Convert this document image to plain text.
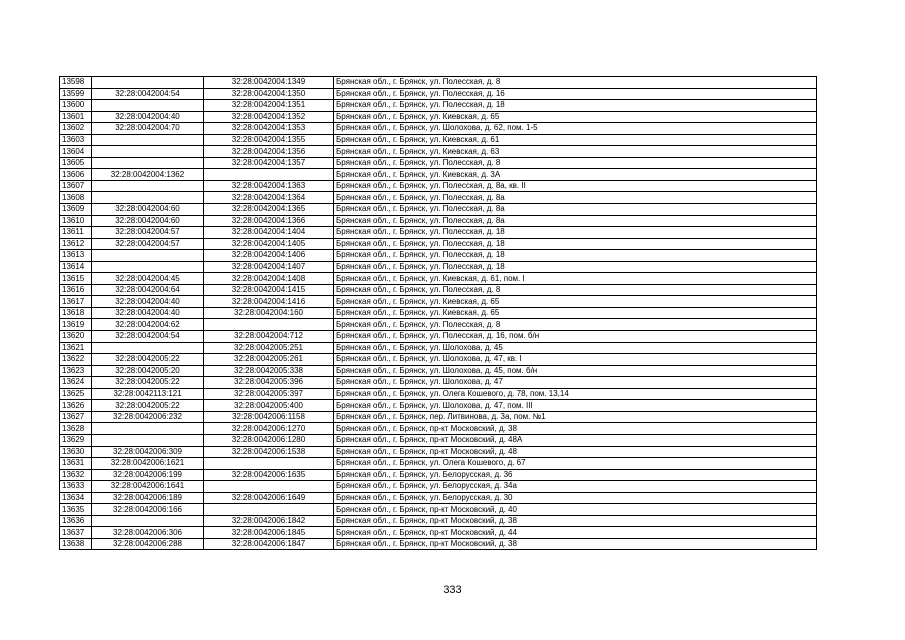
13598		32:28:0042004:1349	Брянская обл., г. Брянск, ул. Полесская, д. 8
13599	32:28:0042004:54	32:28:0042004:1350	Брянская обл., г. Брянск, ул. Полесская, д. 16
13600		32:28:0042004:1351	Брянская обл., г. Брянск, ул. Полесская, д. 18
13601	32:28:0042004:40	32:28:0042004:1352	Брянская обл., г. Брянск, ул. Киевская, д. 65
13602	32:28:0042004:70	32:28:0042004:1353	Брянская обл., г. Брянск, ул. Шолохова, д. 62, пом. 1-5
13603		32:28:0042004:1355	Брянская обл., г. Брянск, ул. Киевская, д. 61
13604		32:28:0042004:1356	Брянская обл., г. Брянск, ул. Киевская, д. 63
13605		32:28:0042004:1357	Брянская обл., г. Брянск, ул. Полесская, д. 8
13606	32:28:0042004:1362		Брянская обл., г. Брянск, ул. Киевская, д. 3А
13607		32:28:0042004:1363	Брянская обл., г. Брянск, ул. Полесская, д. 8а, кв. II
13608		32:28:0042004:1364	Брянская обл., г. Брянск, ул. Полесская, д. 8а
13609	32:28:0042004:60	32:28:0042004:1365	Брянская обл., г. Брянск, ул. Полесская, д. 8а
13610	32:28:0042004:60	32:28:0042004:1366	Брянская обл., г. Брянск, ул. Полесская, д. 8а
13611	32:28:0042004:57	32:28:0042004:1404	Брянская обл., г. Брянск, ул. Полесская, д. 18
13612	32:28:0042004:57	32:28:0042004:1405	Брянская обл., г. Брянск, ул. Полесская, д. 18
13613		32:28:0042004:1406	Брянская обл., г. Брянск, ул. Полесская, д. 18
13614		32:28:0042004:1407	Брянская обл., г. Брянск, ул. Полесская, д. 18
13615	32:28:0042004:45	32:28:0042004:1408	Брянская обл., г. Брянск, ул. Киевская, д. 61, пом. I
13616	32:28:0042004:64	32:28:0042004:1415	Брянская обл., г. Брянск, ул. Полесская, д. 8
13617	32:28:0042004:40	32:28:0042004:1416	Брянская обл., г. Брянск, ул. Киевская, д. 65
13618	32:28:0042004:40	32:28:0042004:160	Брянская обл., г. Брянск, ул. Киевская, д. 65
13619	32:28:0042004:62		Брянская обл., г. Брянск, ул. Полесская, д. 8
13620	32:28:0042004:54	32:28:0042004:712	Брянская обл., г. Брянск, ул. Полесская, д. 16, пом. б/н
13621		32:28:0042005:251	Брянская обл., г. Брянск, ул. Шолохова, д. 45
13622	32:28:0042005:22	32:28:0042005:261	Брянская обл., г. Брянск, ул. Шолохова, д. 47, кв. I
13623	32:28:0042005:20	32:28:0042005:338	Брянская обл., г. Брянск, ул. Шолохова, д. 45, пом. б/н
13624	32:28:0042005:22	32:28:0042005:396	Брянская обл., г. Брянск, ул. Шолохова, д. 47
13625	32:28:0042113:121	32:28:0042005:397	Брянская обл., г. Брянск, ул. Олега Кошевого, д. 78, пом. 13,14
13626	32:28:0042005:22	32:28:0042005:400	Брянская обл., г. Брянск, ул. Шолохова, д. 47, пом. III
13627	32:28:0042006:232	32:28:0042006:1158	Брянская обл., г. Брянск, пер. Литвинова, д. 3а, пом. №1
13628		32:28:0042006:1270	Брянская обл., г. Брянск, пр-кт Московский, д. 38
13629		32:28:0042006:1280	Брянская обл., г. Брянск, пр-кт Московский, д. 48А
13630	32:28:0042006:309	32:28:0042006:1538	Брянская обл., г. Брянск, пр-кт Московский, д. 48
13631	32:28:0042006:1621		Брянская обл., г. Брянск, ул. Олега Кошевого, д. 67
13632	32:28:0042006:199	32:28:0042006:1635	Брянская обл., г. Брянск, ул. Белорусская, д. 36
13633	32:28:0042006:1641		Брянская обл., г. Брянск, ул. Белорусская, д. 34а
13634	32:28:0042006:189	32:28:0042006:1649	Брянская обл., г. Брянск, ул. Белорусская, д. 30
13635	32:28:0042006:166		Брянская обл., г. Брянск, пр-кт Московский, д. 40
13636		32:28:0042006:1842	Брянская обл., г. Брянск, пр-кт Московский, д. 38
13637	32:28:0042006:306	32:28:0042006:1845	Брянская обл., г. Брянск, пр-кт Московский, д. 44
13638	32:28:0042006:288	32:28:0042006:1847	Брянская обл., г. Брянск, пр-кт Московский, д. 38
333
